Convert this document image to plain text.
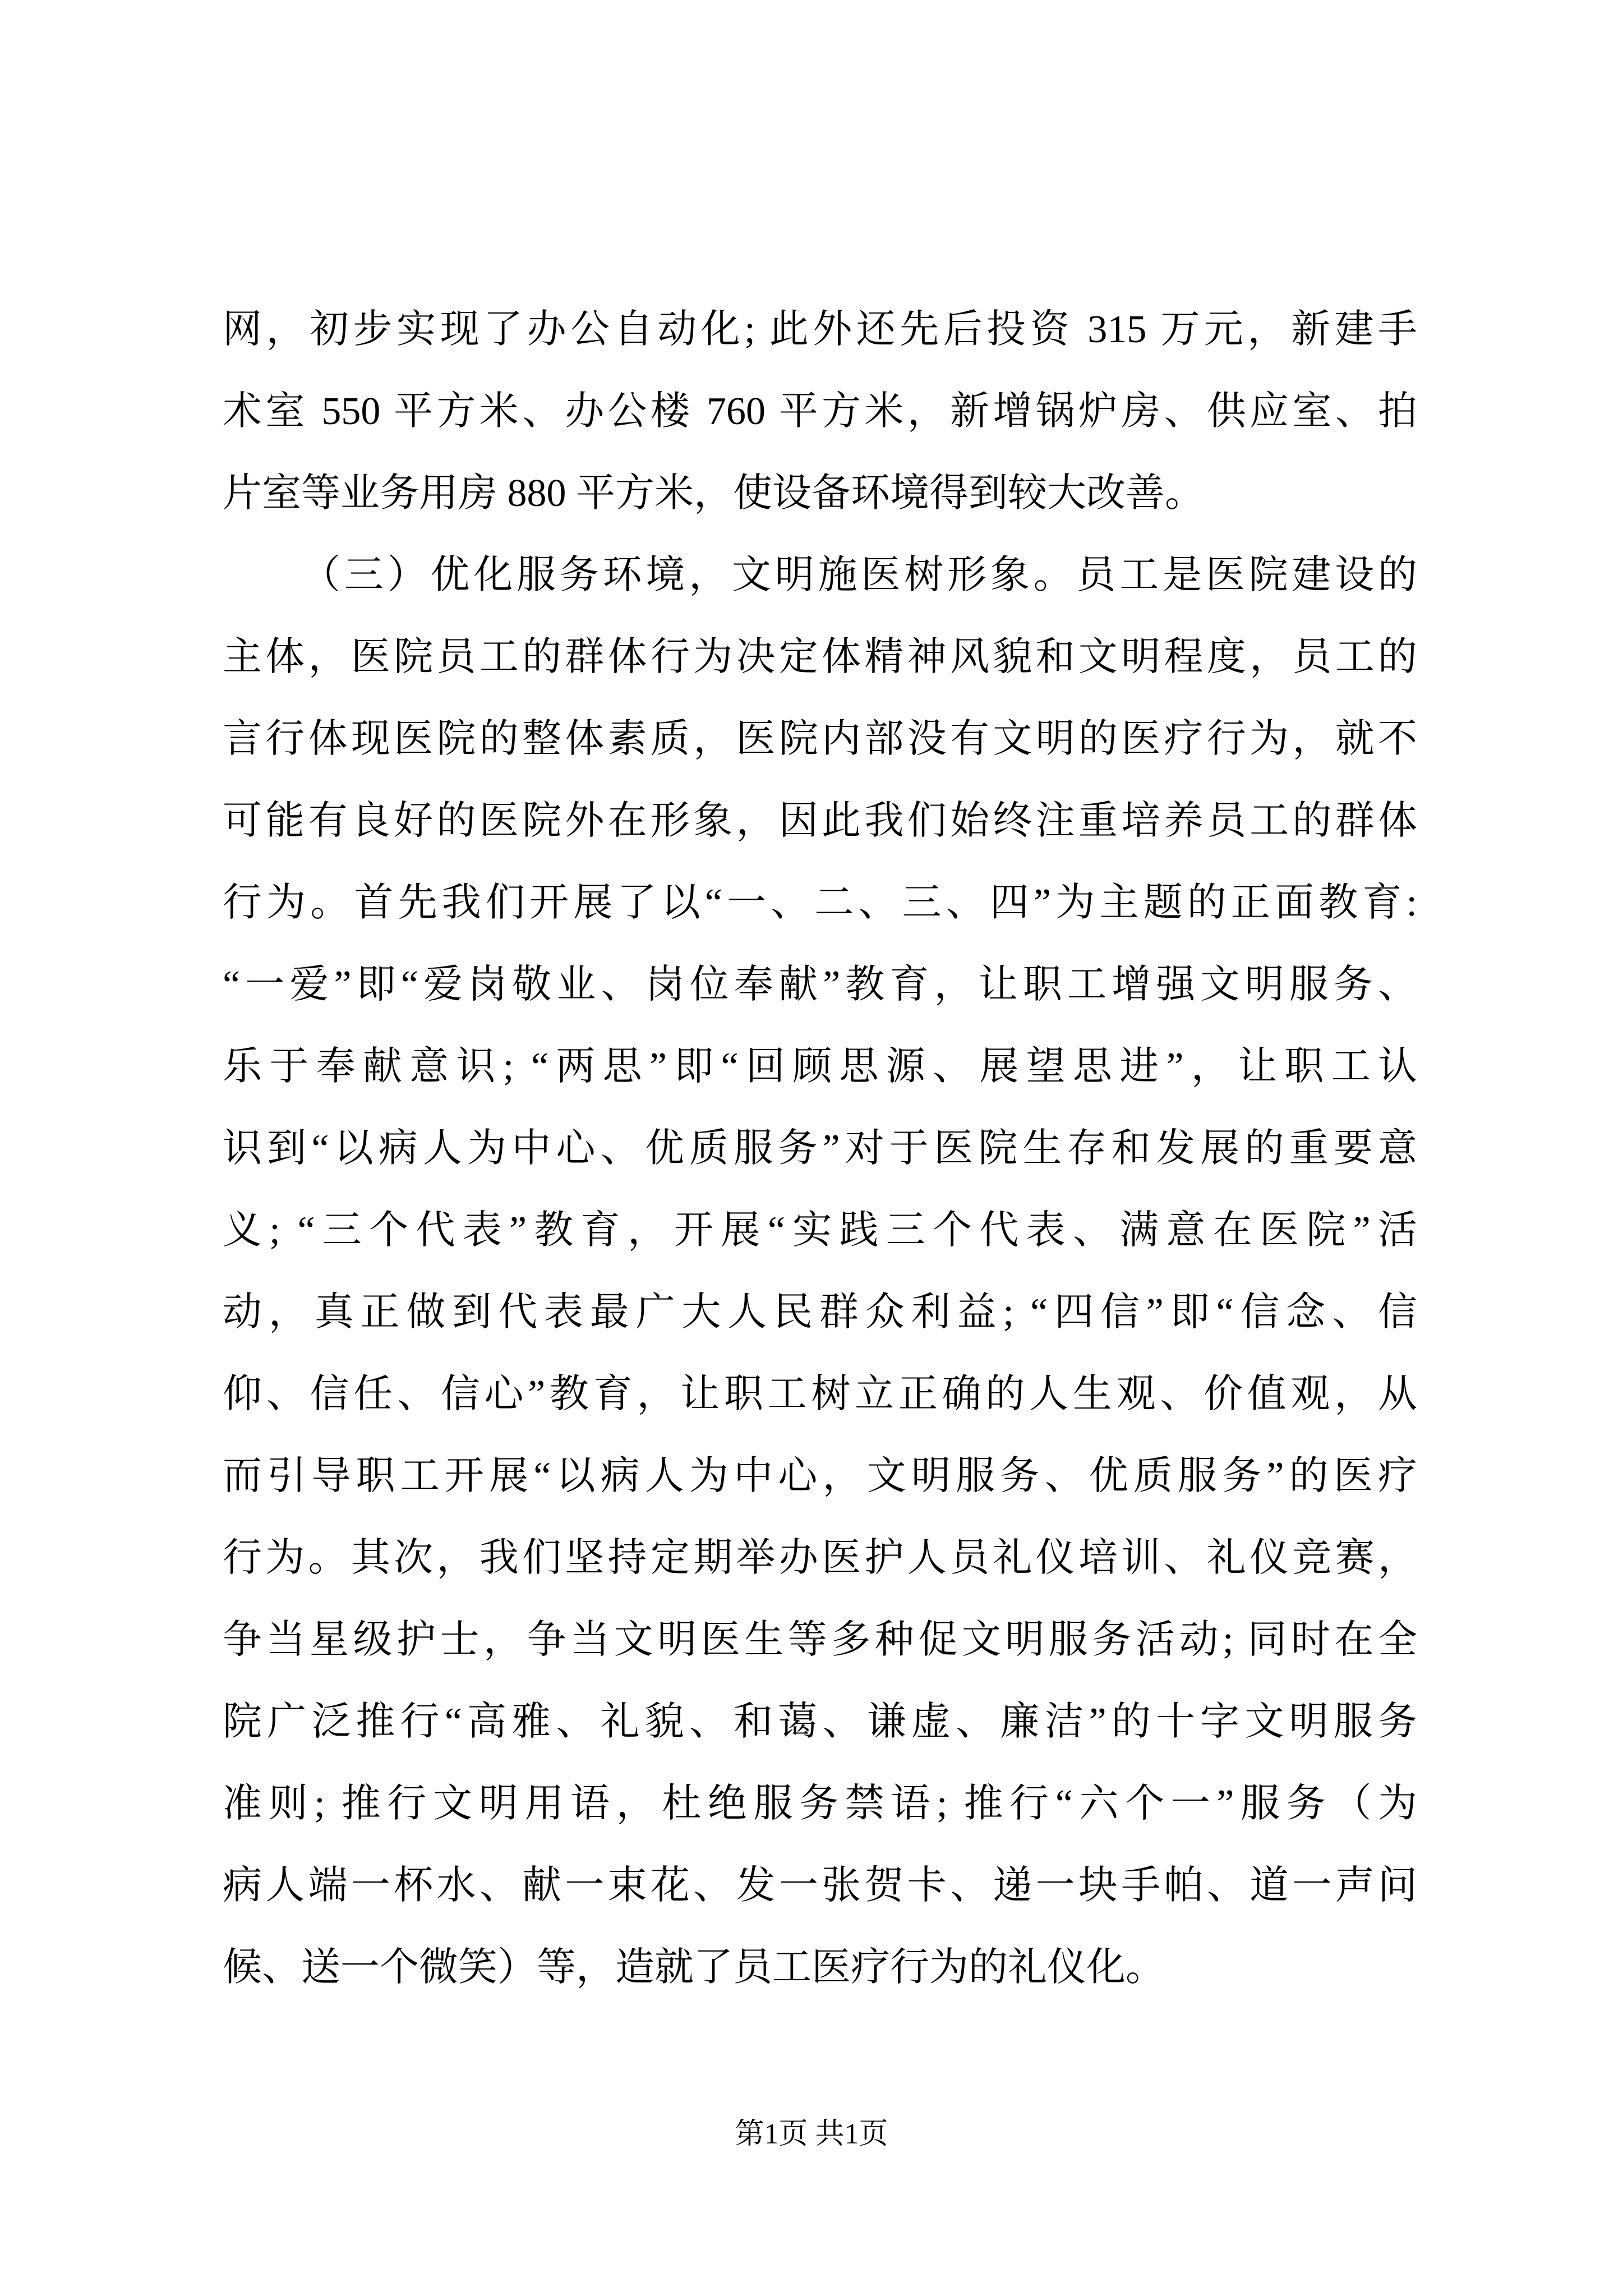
网，初步实现了办公自动化; 此外还先后投资 315 万元，新建手
术室 550 平方米、办公楼 760 平方米，新增锅炉房、供应室、拍
片室等业务用房 880 平方米，使设备环境得到较大改善。
（三）优化服务环境，文明施医树形象。员工是医院建设的
主体，医院员工的群体行为决定体精神风貌和文明程度，员工的
言行体现医院的整体素质，医院内部没有文明的医疗行为，就不
可能有良好的医院外在形象，因此我们始终注重培养员工的群体
行为。首先我们开展了以“一、二、三、四”为主题的正面教育:
“一爱”即“爱岗敬业、岗位奉献”教育，让职工增强文明服务、
乐于奉献意识; “两思”即“回顾思源、展望思进”，让职工认
识到“以病人为中心、优质服务”对于医院生存和发展的重要意
义; “三个代表”教育，开展“实践三个代表、满意在医院”活
动，真正做到代表最广大人民群众利益; “四信”即“信念、信
仰、信任、信心”教育，让职工树立正确的人生观、价值观，从
而引导职工开展“以病人为中心，文明服务、优质服务”的医疗
行为。其次，我们坚持定期举办医护人员礼仪培训、礼仪竞赛，
争当星级护士，争当文明医生等多种促文明服务活动; 同时在全
院广泛推行“高雅、礼貌、和蔼、谦虚、廉洁”的十字文明服务
准则; 推行文明用语，杜绝服务禁语; 推行“六个一”服务（为
病人端一杯水、献一束花、发一张贺卡、递一块手帕、道一声问
候、送一个微笑）等，造就了员工医疗行为的礼仪化。
第1页 共1页
